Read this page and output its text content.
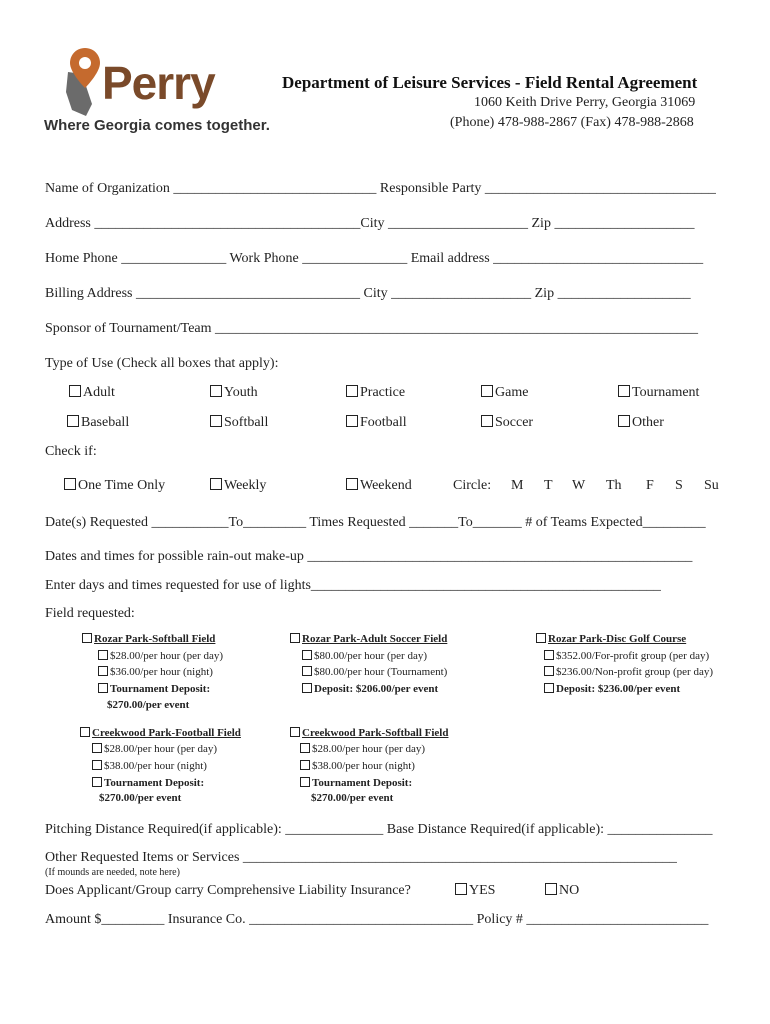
Perry
Where Georgia comes together.
Department of Leisure Services - Field Rental Agreement
1060 Keith Drive Perry, Georgia 31069
(Phone) 478-988-2867 (Fax) 478-988-2868
Name of Organization _____________________________ Responsible Party _________________________________
Address ______________________________________City ____________________ Zip ____________________
Home Phone _______________ Work Phone _______________ Email address ______________________________
Billing Address ________________________________ City ____________________ Zip ___________________
Sponsor of Tournament/Team _____________________________________________________________________
Type of Use (Check all boxes that apply):
Adult	Youth	Practice	Game	Tournament
Baseball	Softball	Football	Soccer	Other
Check if:
One Time Only	Weekly	Weekend	Circle: M T W Th F S Su
Date(s) Requested ___________To_________ Times Requested _______To_______ # of Teams Expected_________
Dates and times for possible rain-out make-up _______________________________________________________
Enter days and times requested for use of lights__________________________________________________
Field requested:
Rozar Park-Softball Field
$28.00/per hour (per day)
$36.00/per hour (night)
Tournament Deposit:
$270.00/per event
Rozar Park-Adult Soccer Field
$80.00/per hour (per day)
$80.00/per hour (Tournament)
Deposit: $206.00/per event
Rozar Park-Disc Golf Course
$352.00/For-profit group (per day)
$236.00/Non-profit group (per day)
Deposit: $236.00/per event
Creekwood Park-Football Field
$28.00/per hour (per day)
$38.00/per hour (night)
Tournament Deposit:
$270.00/per event
Creekwood Park-Softball Field
$28.00/per hour (per day)
$38.00/per hour (night)
Tournament Deposit:
$270.00/per event
Pitching Distance Required(if applicable): ______________ Base Distance Required(if applicable): _______________
Other Requested Items or Services ______________________________________________________________
(If mounds are needed, note here)
Does Applicant/Group carry Comprehensive Liability Insurance?	YES	NO
Amount $_________ Insurance Co. ________________________________ Policy # __________________________
